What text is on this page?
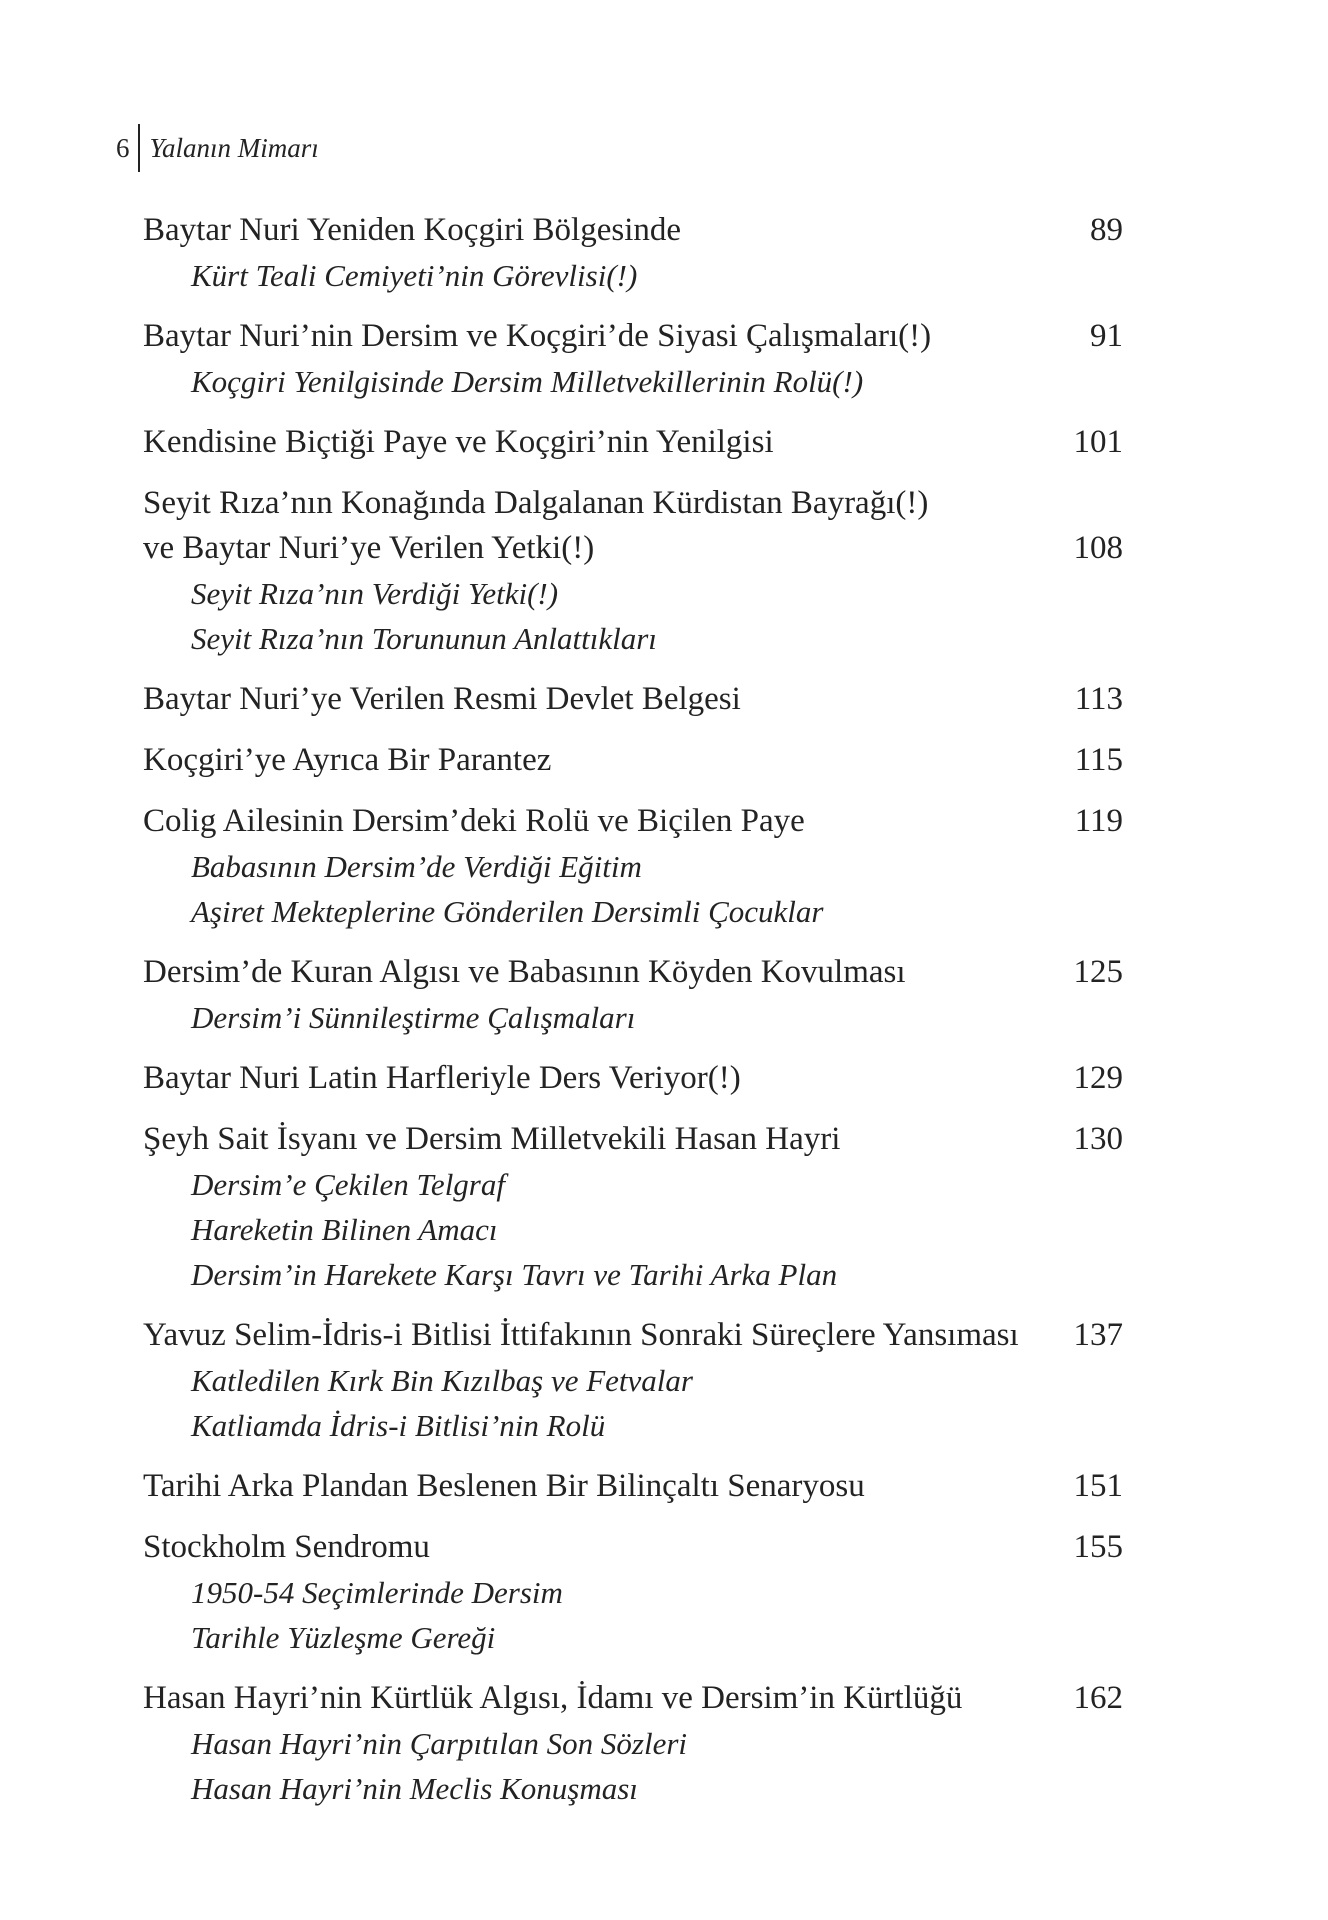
6 Yalanın Mimarı
Baytar Nuri Yeniden Koçgiri Bölgesinde	89
Kürt Teali Cemiyeti’nin Görevlisi(!)
Baytar Nuri’nin Dersim ve Koçgiri’de Siyasi Çalışmaları(!)	91
Koçgiri Yenilgisinde Dersim Milletvekillerinin Rolü(!)
Kendisine Biçtiği Paye ve Koçgiri’nin Yenilgisi	101
Seyit Rıza’nın Konağında Dalgalanan Kürdistan Bayrağı(!)
ve Baytar Nuri’ye Verilen Yetki(!)	108
Seyit Rıza’nın Verdiği Yetki(!)
Seyit Rıza’nın Torununun Anlattıkları
Baytar Nuri’ye Verilen Resmi Devlet Belgesi	113
Koçgiri’ye Ayrıca Bir Parantez	115
Colig Ailesinin Dersim’deki Rolü ve Biçilen Paye	119
Babasının Dersim’de Verdiği Eğitim
Aşiret Mekteplerine Gönderilen Dersimli Çocuklar
Dersim’de Kuran Algısı ve Babasının Köyden Kovulması	125
Dersim’i Sünnileştirme Çalışmaları
Baytar Nuri Latin Harfleriyle Ders Veriyor(!)	129
Şeyh Sait İsyanı ve Dersim Milletvekili Hasan Hayri	130
Dersim’e Çekilen Telgraf
Hareketin Bilinen Amacı
Dersim’in Harekete Karşı Tavrı ve Tarihi Arka Plan
Yavuz Selim-İdris-i Bitlisi İttifakının Sonraki Süreçlere Yansıması	137
Katledilen Kırk Bin Kızılbaş ve Fetvalar
Katliamda İdris-i Bitlisi’nin Rolü
Tarihi Arka Plandan Beslenen Bir Bilinçaltı Senaryosu	151
Stockholm Sendromu	155
1950-54 Seçimlerinde Dersim
Tarihle Yüzleşme Gereği
Hasan Hayri’nin Kürtlük Algısı, İdamı ve Dersim’in Kürtlüğü	162
Hasan Hayri’nin Çarpıtılan Son Sözleri
Hasan Hayri’nin Meclis Konuşması
